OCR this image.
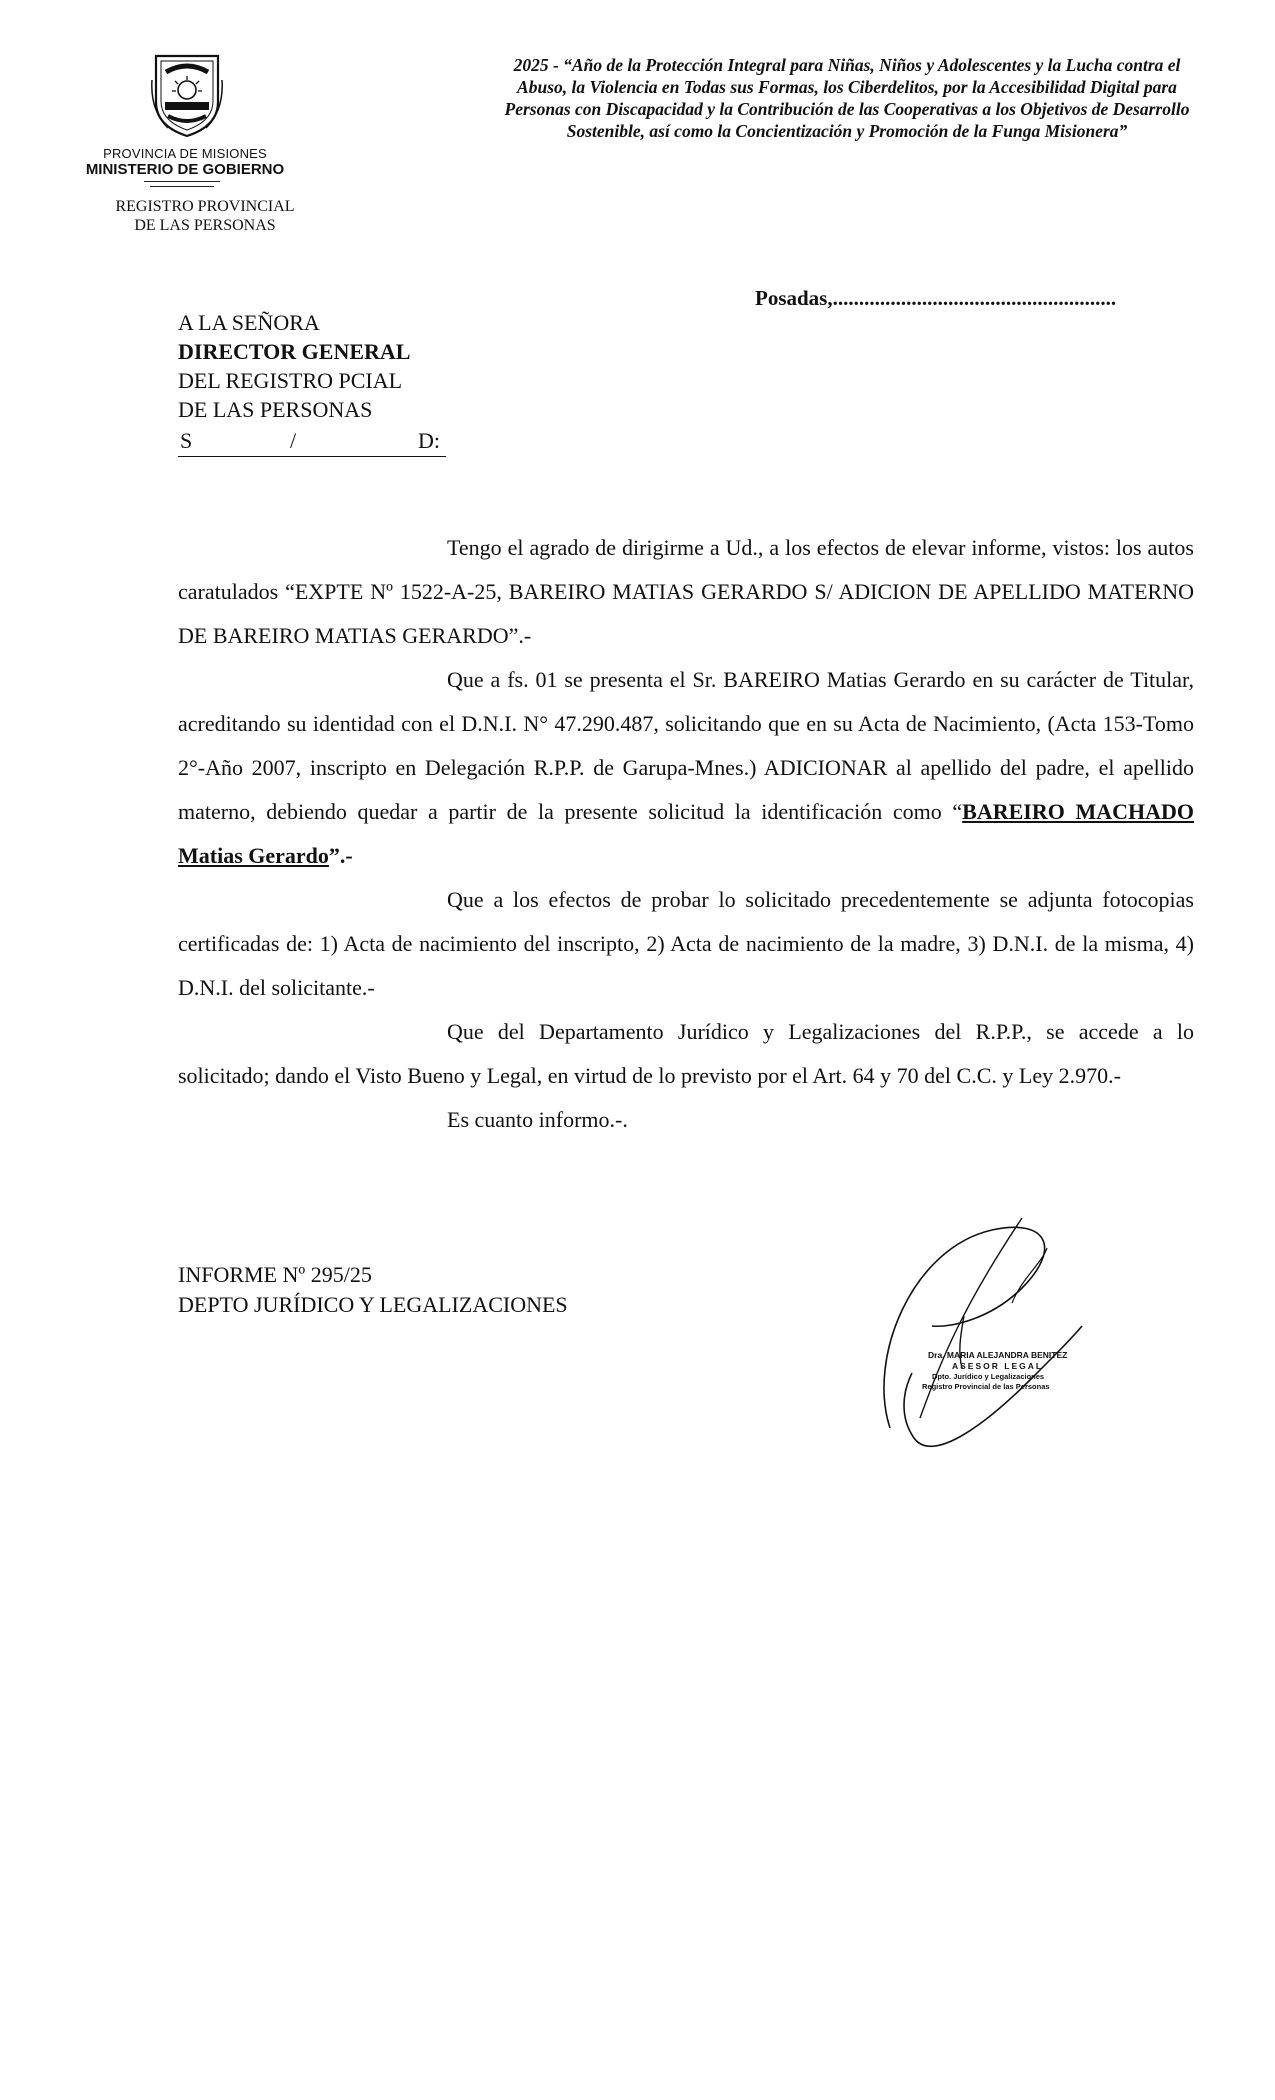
PROVINCIA DE MISIONES
MINISTERIO DE GOBIERNO
REGISTRO PROVINCIAL
DE LAS PERSONAS
2025 - “Año de la Protección Integral para Niñas, Niños y Adolescentes y la Lucha contra el Abuso, la Violencia en Todas sus Formas, los Ciberdelitos, por la Accesibilidad Digital para Personas con Discapacidad y la Contribución de las Cooperativas a los Objetivos de Desarrollo Sostenible, así como la Concientización y Promoción de la Funga Misionera”
Posadas,......................................................
A LA SEÑORA
DIRECTOR GENERAL
DEL REGISTRO PCIAL
DE LAS PERSONAS
S	/	D:

Tengo el agrado de dirigirme a Ud., a los efectos de elevar informe, vistos: los autos caratulados “EXPTE Nº 1522-A-25, BAREIRO MATIAS GERARDO S/ ADICION DE APELLIDO MATERNO DE BAREIRO MATIAS GERARDO”.-

Que a fs. 01 se presenta el Sr. BAREIRO Matias Gerardo en su carácter de Titular, acreditando su identidad con el D.N.I. N° 47.290.487, solicitando que en su Acta de Nacimiento, (Acta 153-Tomo 2°-Año 2007, inscripto en Delegación R.P.P. de Garupa-Mnes.) ADICIONAR al apellido del padre, el apellido materno, debiendo quedar a partir de la presente solicitud la identificación como “BAREIRO MACHADO Matias Gerardo”.-

Que a los efectos de probar lo solicitado precedentemente se adjunta fotocopias certificadas de: 1) Acta de nacimiento del inscripto, 2) Acta de nacimiento de la madre, 3) D.N.I. de la misma, 4) D.N.I. del solicitante.-

Que del Departamento Jurídico y Legalizaciones del R.P.P., se accede a lo solicitado; dando el Visto Bueno y Legal, en virtud de lo previsto por el Art. 64 y 70 del C.C. y Ley 2.970.-

Es cuanto informo.-.

INFORME Nº 295/25
DEPTO JURÍDICO Y LEGALIZACIONES
Dra. MARIA ALEJANDRA BENITEZ
ASESOR LEGAL
Dpto. Jurídico y Legalizaciones
Registro Provincial de las Personas
